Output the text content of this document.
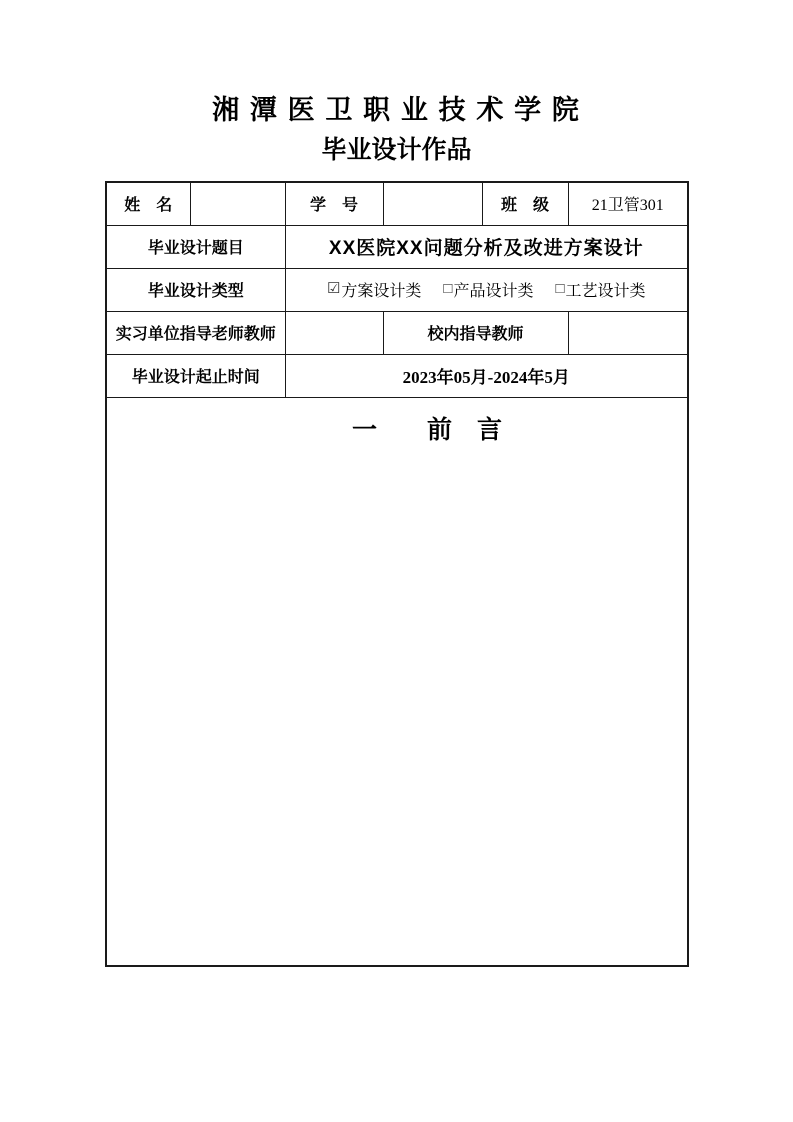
湘 潭 医 卫 职 业 技 术 学 院
毕业设计作品
姓　名		学　号		班　级	21卫管301
毕业设计题目		XX医院XX问题分析及改进方案设计			
毕业设计类型	☑ 方案设计类 □ 产品设计类 □ 工艺设计类

实习单位指导老师教师			校内指导教师		
毕业设计起止时间		2023年05月-2024年5月			

一　　前　言					
